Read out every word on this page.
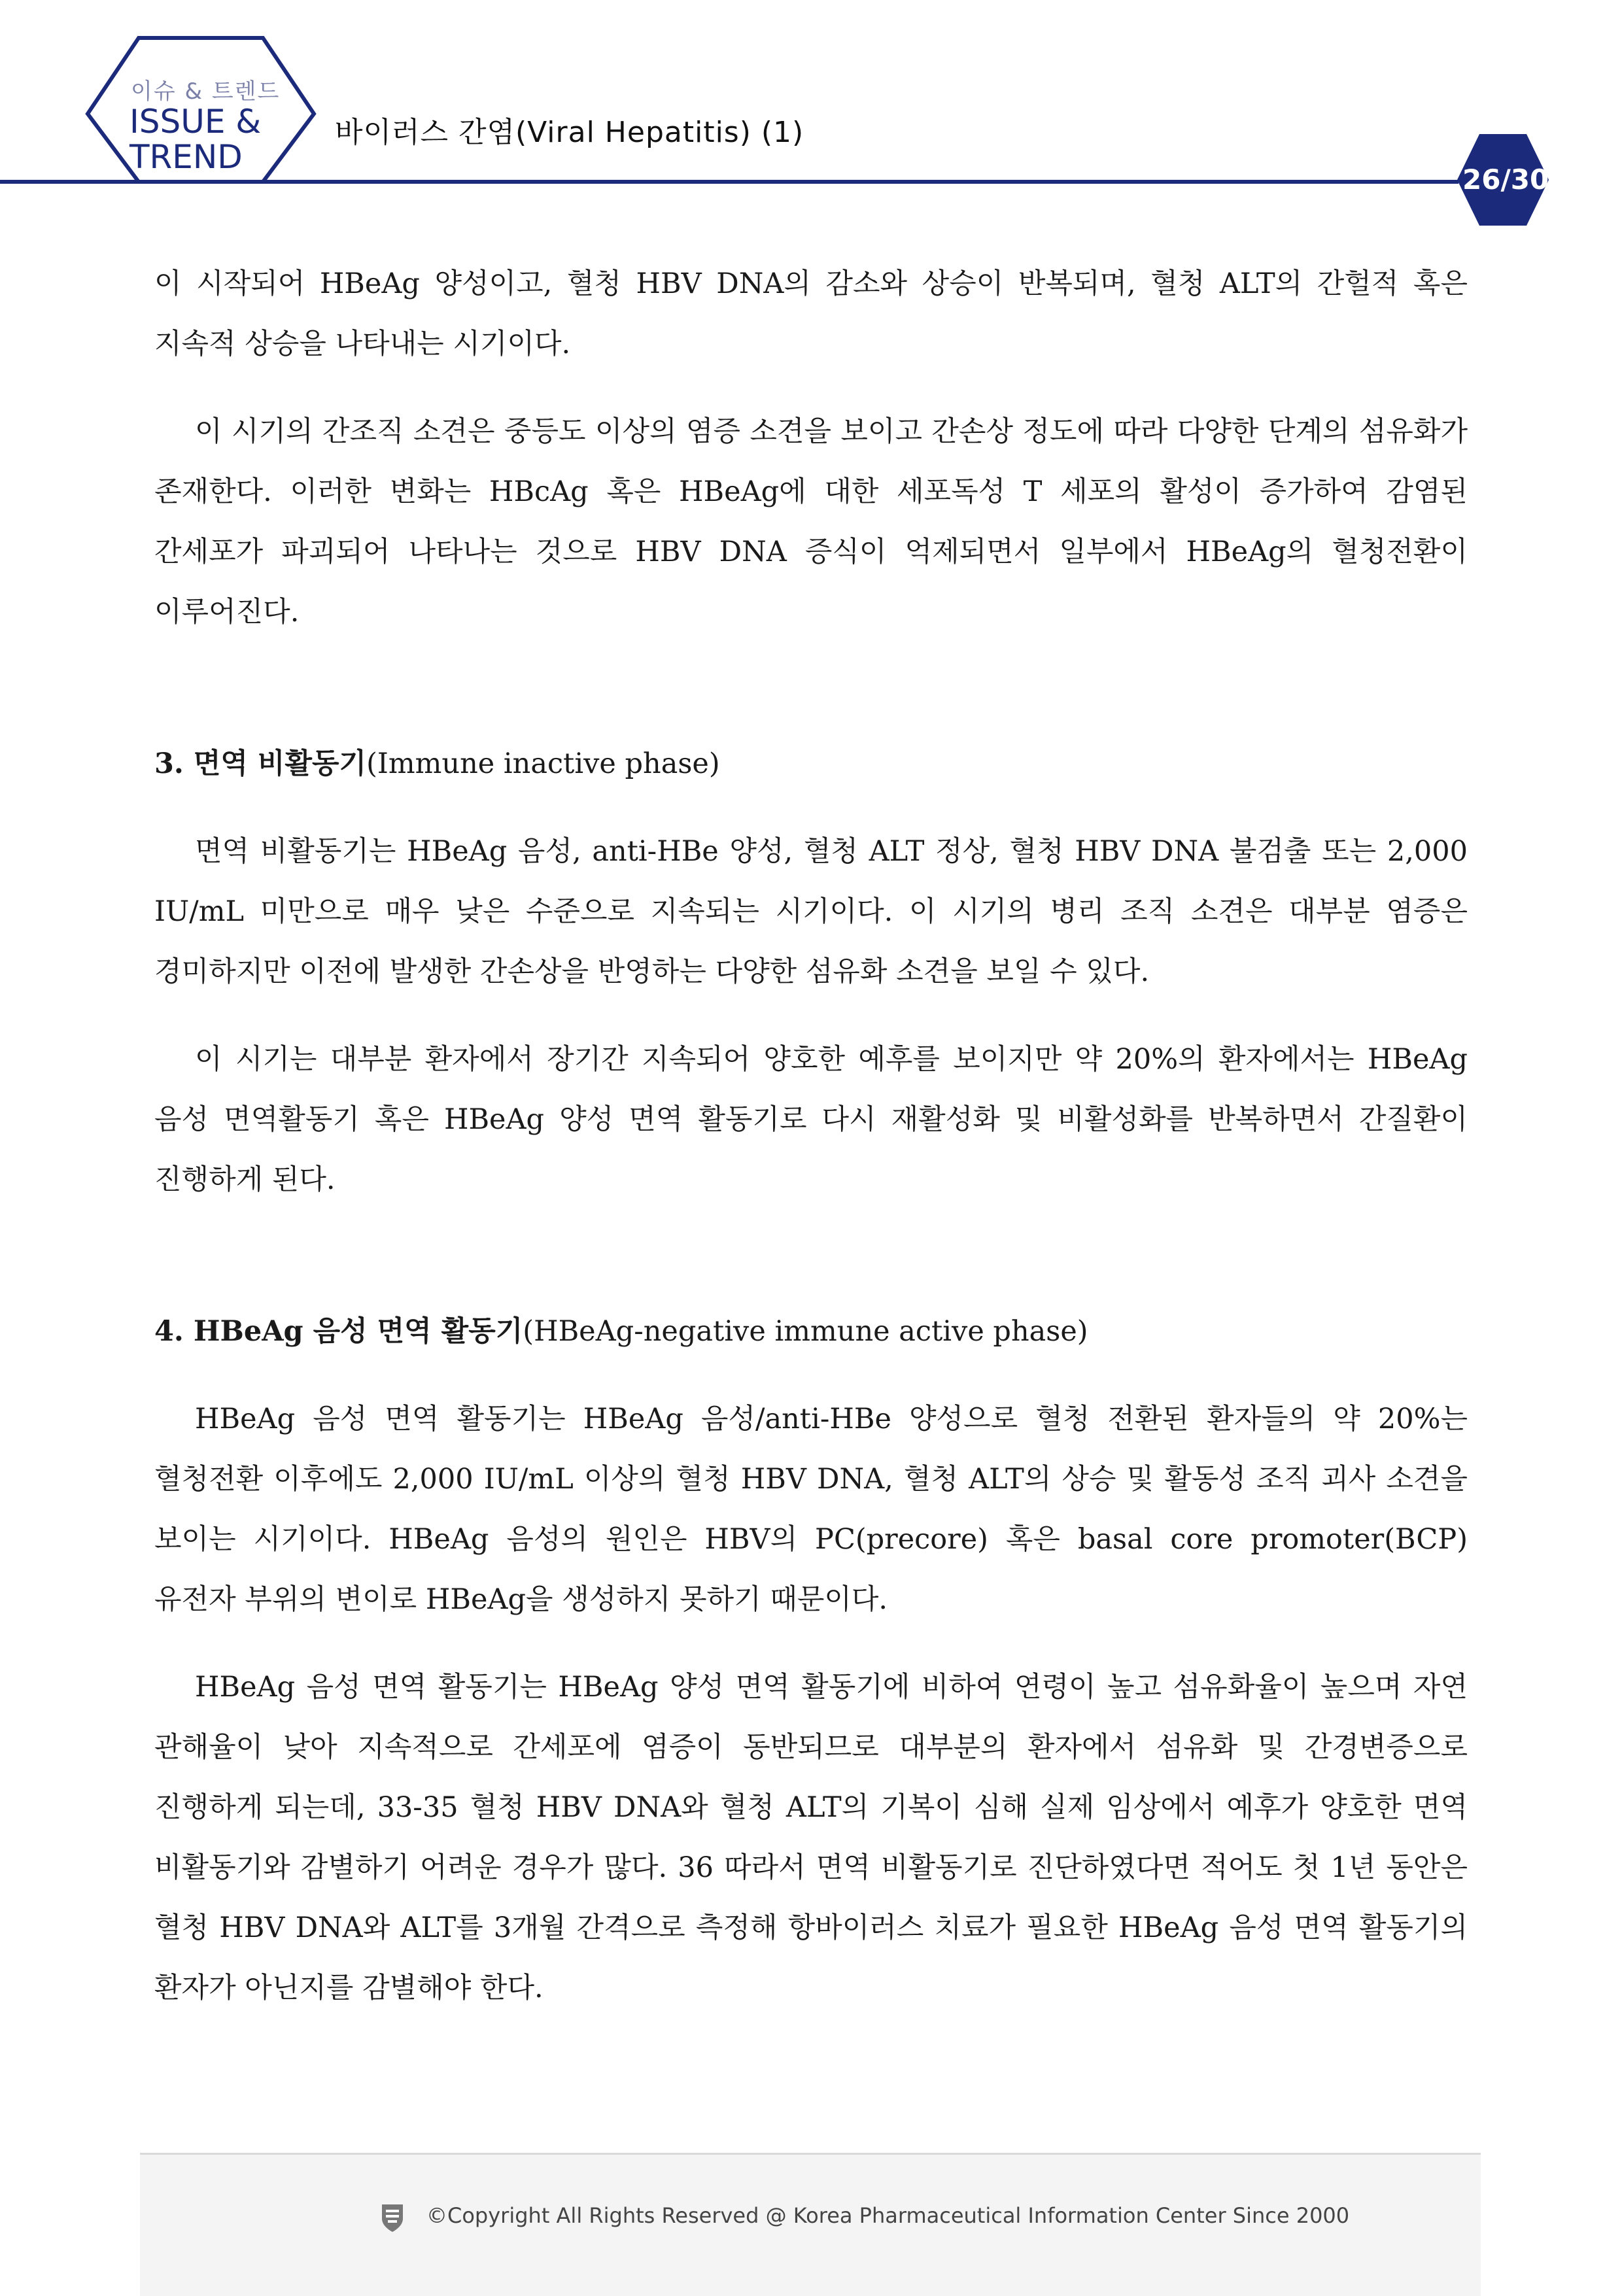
이슈 & 트렌드
ISSUE &
TREND
바이러스 간염(Viral Hepatitis) (1)
26/30

이 시작되어 HBeAg 양성이고, 혈청 HBV DNA의 감소와 상승이 반복되며, 혈청 ALT의 간헐적 혹은 지속적 상승을 나타내는 시기이다.

이 시기의 간조직 소견은 중등도 이상의 염증 소견을 보이고 간손상 정도에 따라 다양한 단계의 섬유화가 존재한다. 이러한 변화는 HBcAg 혹은 HBeAg에 대한 세포독성 T 세포의 활성이 증가하여 감염된 간세포가 파괴되어 나타나는 것으로 HBV DNA 증식이 억제되면서 일부에서 HBeAg의 혈청전환이 이루어진다.

3. 면역 비활동기(Immune inactive phase)

면역 비활동기는 HBeAg 음성, anti-HBe 양성, 혈청 ALT 정상, 혈청 HBV DNA 불검출 또는 2,000 IU/mL 미만으로 매우 낮은 수준으로 지속되는 시기이다. 이 시기의 병리 조직 소견은 대부분 염증은 경미하지만 이전에 발생한 간손상을 반영하는 다양한 섬유화 소견을 보일 수 있다.

이 시기는 대부분 환자에서 장기간 지속되어 양호한 예후를 보이지만 약 20%의 환자에서는 HBeAg 음성 면역활동기 혹은 HBeAg 양성 면역 활동기로 다시 재활성화 및 비활성화를 반복하면서 간질환이 진행하게 된다.

4. HBeAg 음성 면역 활동기(HBeAg-negative immune active phase)

HBeAg 음성 면역 활동기는 HBeAg 음성/anti-HBe 양성으로 혈청 전환된 환자들의 약 20%는 혈청전환 이후에도 2,000 IU/mL 이상의 혈청 HBV DNA, 혈청 ALT의 상승 및 활동성 조직 괴사 소견을 보이는 시기이다. HBeAg 음성의 원인은 HBV의 PC(precore) 혹은 basal core promoter(BCP) 유전자 부위의 변이로 HBeAg을 생성하지 못하기 때문이다.

HBeAg 음성 면역 활동기는 HBeAg 양성 면역 활동기에 비하여 연령이 높고 섬유화율이 높으며 자연 관해율이 낮아 지속적으로 간세포에 염증이 동반되므로 대부분의 환자에서 섬유화 및 간경변증으로 진행하게 되는데, 33-35 혈청 HBV DNA와 혈청 ALT의 기복이 심해 실제 임상에서 예후가 양호한 면역 비활동기와 감별하기 어려운 경우가 많다. 36 따라서 면역 비활동기로 진단하였다면 적어도 첫 1년 동안은 혈청 HBV DNA와 ALT를 3개월 간격으로 측정해 항바이러스 치료가 필요한 HBeAg 음성 면역 활동기의 환자가 아닌지를 감별해야 한다.

©Copyright All Rights Reserved @ Korea Pharmaceutical Information Center Since 2000
